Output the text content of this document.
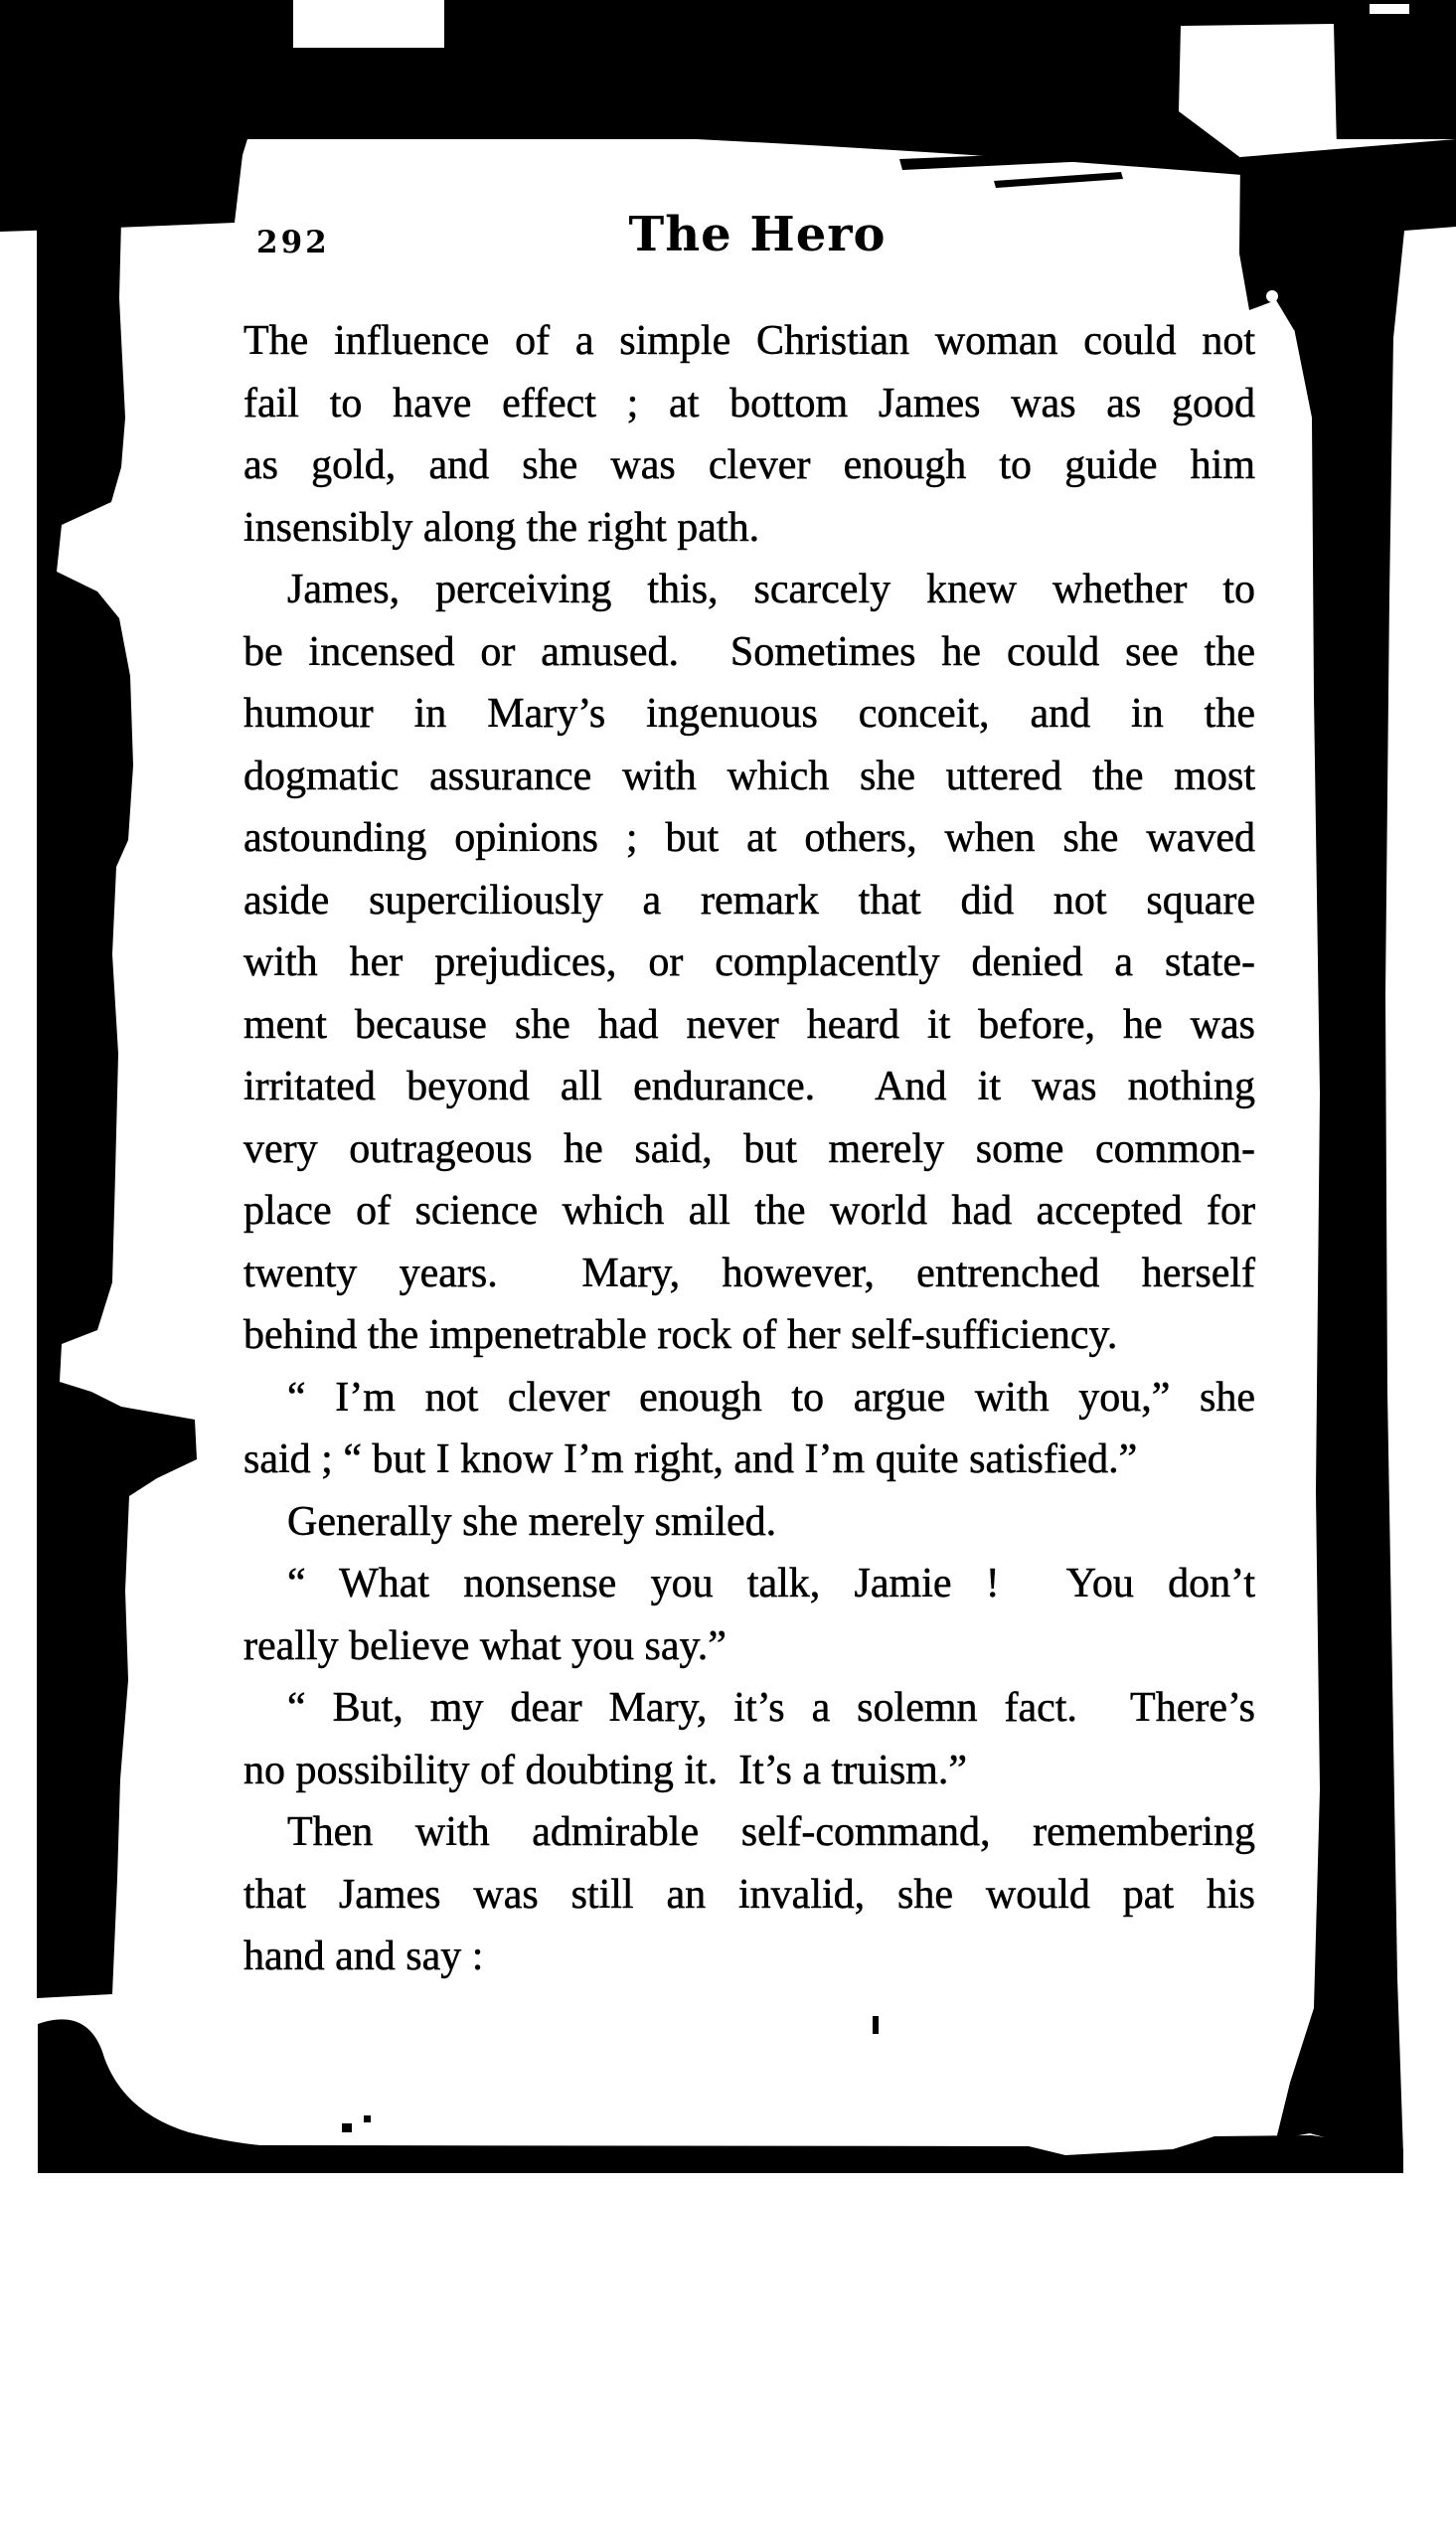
292	The Hero
The influence of a simple Christian woman could not
fail to have effect ; at bottom James was as good
as gold, and she was clever enough to guide him
insensibly along the right path.
James, perceiving this, scarcely knew whether to
be incensed or amused.  Sometimes he could see the
humour in Mary’s ingenuous conceit, and in the
dogmatic assurance with which she uttered the most
astounding opinions ; but at others, when she waved
aside superciliously a remark that did not square
with her prejudices, or complacently denied a state-
ment because she had never heard it before, he was
irritated beyond all endurance.  And it was nothing
very outrageous he said, but merely some common-
place of science which all the world had accepted for
twenty years.  Mary, however, entrenched herself
behind the impenetrable rock of her self-sufficiency.
“ I’m not clever enough to argue with you,” she
said ; “ but I know I’m right, and I’m quite satisfied.”
Generally she merely smiled.
“ What nonsense you talk, Jamie !  You don’t
really believe what you say.”
“ But, my dear Mary, it’s a solemn fact.  There’s
no possibility of doubting it.  It’s a truism.”
Then with admirable self-command, remembering
that James was still an invalid, she would pat his
hand and say :
